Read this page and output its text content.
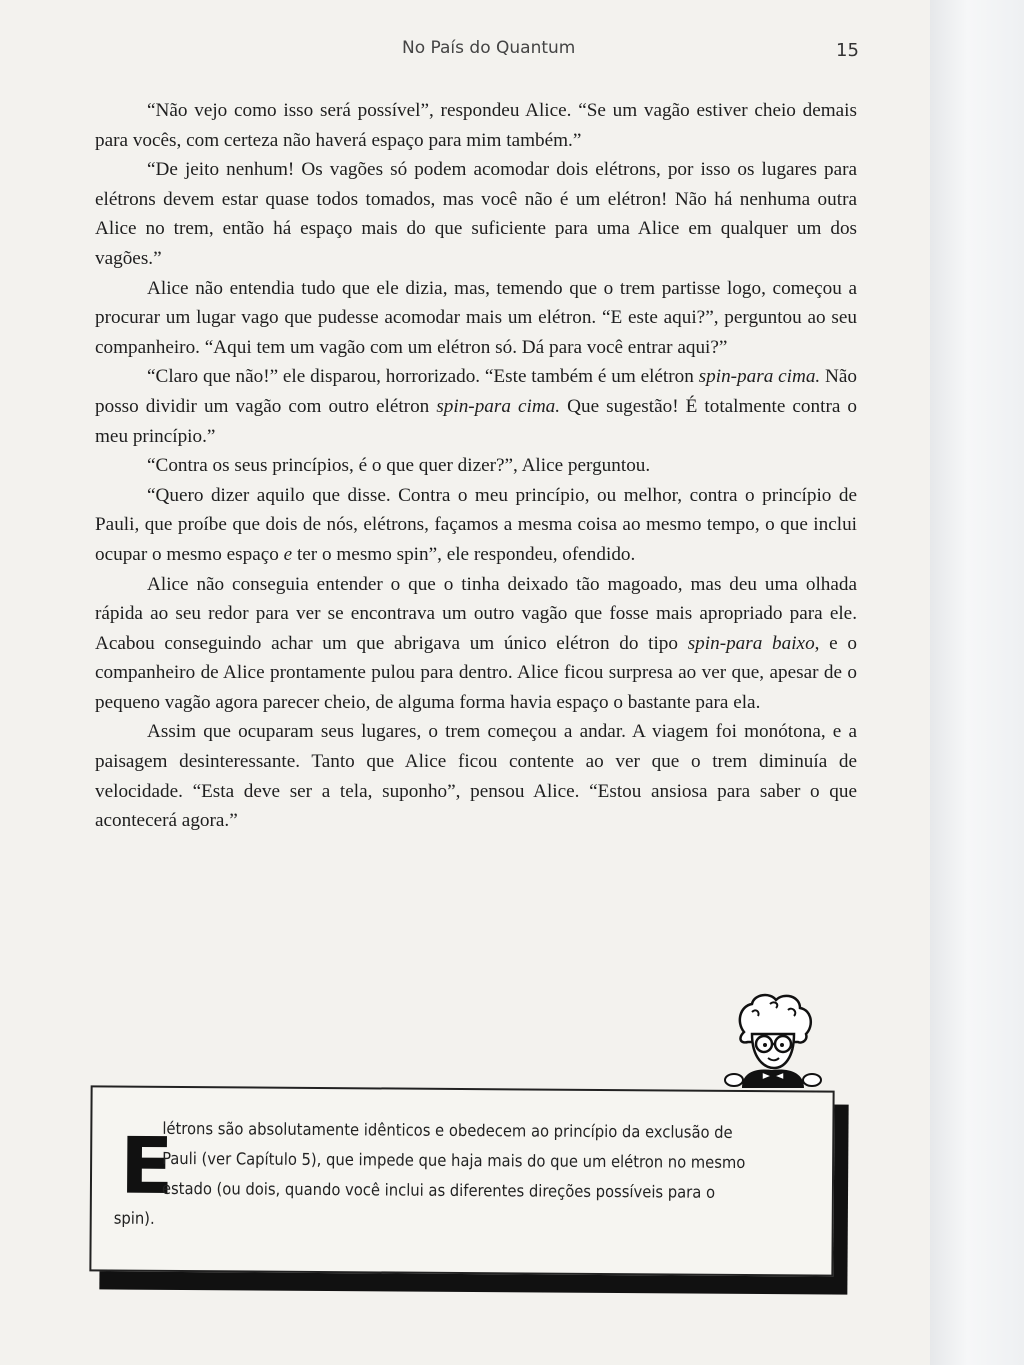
No País do Quantum	15

“Não vejo como isso será possível”, respondeu Alice. “Se um vagão estiver cheio demais para vocês, com certeza não haverá espaço para mim também.”

“De jeito nenhum! Os vagões só podem acomodar dois elétrons, por isso os lugares para elétrons devem estar quase todos tomados, mas você não é um elétron! Não há nenhuma outra Alice no trem, então há espaço mais do que suficiente para uma Alice em qualquer um dos vagões.”

Alice não entendia tudo que ele dizia, mas, temendo que o trem partisse logo, começou a procurar um lugar vago que pudesse acomodar mais um elétron. “E este aqui?”, perguntou ao seu companheiro. “Aqui tem um vagão com um elétron só. Dá para você entrar aqui?”

“Claro que não!” ele disparou, horrorizado. “Este também é um elétron spin-para cima. Não posso dividir um vagão com outro elétron spin-para cima. Que sugestão! É totalmente contra o meu princípio.”

“Contra os seus princípios, é o que quer dizer?”, Alice perguntou.

“Quero dizer aquilo que disse. Contra o meu princípio, ou melhor, contra o princípio de Pauli, que proíbe que dois de nós, elétrons, façamos a mesma coisa ao mesmo tempo, o que inclui ocupar o mesmo espaço e ter o mesmo spin”, ele respondeu, ofendido.

Alice não conseguia entender o que o tinha deixado tão magoado, mas deu uma olhada rápida ao seu redor para ver se encontrava um outro vagão que fosse mais apropriado para ele. Acabou conseguindo achar um que abrigava um único elétron do tipo spin-para baixo, e o companheiro de Alice prontamente pulou para dentro. Alice ficou surpresa ao ver que, apesar de o pequeno vagão agora parecer cheio, de alguma forma havia espaço o bastante para ela.

Assim que ocuparam seus lugares, o trem começou a andar. A viagem foi monótona, e a paisagem desinteressante. Tanto que Alice ficou contente ao ver que o trem diminuía de velocidade. “Esta deve ser a tela, suponho”, pensou Alice. “Estou ansiosa para saber o que acontecerá agora.”

E
létrons são absolutamente idênticos e obedecem ao princípio da exclusão de
Pauli (ver Capítulo 5), que impede que haja mais do que um elétron no mesmo
estado (ou dois, quando você inclui as diferentes direções possíveis para o
spin).
